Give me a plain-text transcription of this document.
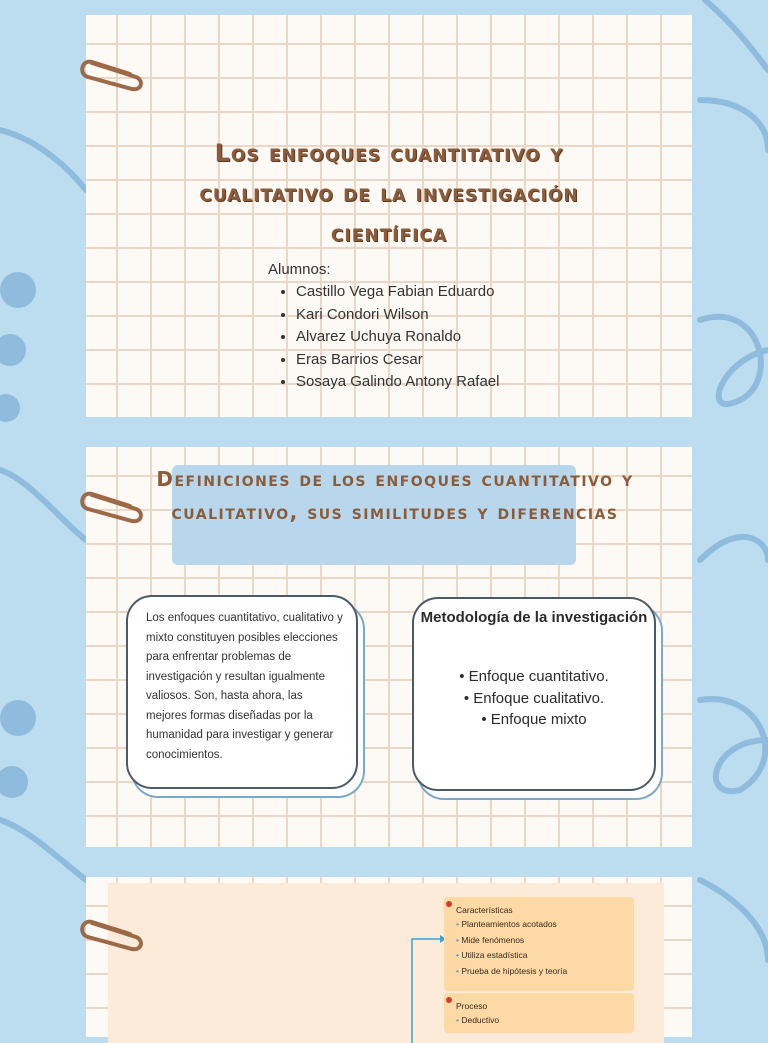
Los enfoques cuantitativo y cualitativo de la investigación científica
Alumnos:
• Castillo Vega Fabian Eduardo
• Kari Condori Wilson
• Alvarez Uchuya Ronaldo
• Eras Barrios Cesar
• Sosaya Galindo Antony Rafael
Definiciones de los enfoques cuantitativo y cualitativo, sus similitudes y diferencias
Los enfoques cuantitativo, cualitativo y mixto constituyen posibles elecciones para enfrentar problemas de investigación y resultan igualmente valiosos. Son, hasta ahora, las mejores formas diseñadas por la humanidad para investigar y generar conocimientos.
Metodología de la investigación
• Enfoque cuantitativo.
• Enfoque cualitativo.
• Enfoque mixto
Características
• Planteamientos acotados
• Mide fenómenos
• Utiliza estadística
• Prueba de hipótesis y teoría
Proceso
• Deductivo
